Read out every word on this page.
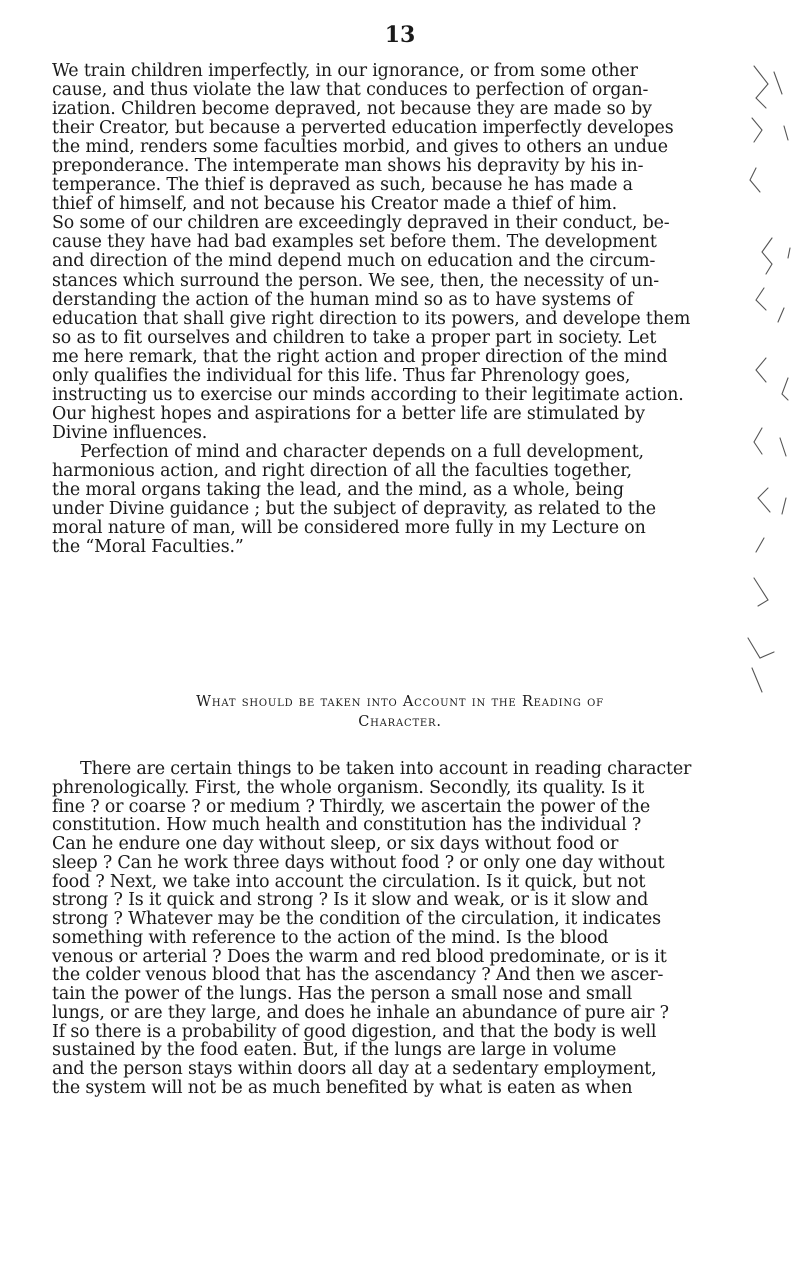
13
We train children imperfectly, in our ignorance, or from some other
cause, and thus violate the law that conduces to perfection of organ-
ization. Children become depraved, not because they are made so by
their Creator, but because a perverted education imperfectly developes
the mind, renders some faculties morbid, and gives to others an undue
preponderance. The intemperate man shows his depravity by his in-
temperance. The thief is depraved as such, because he has made a
thief of himself, and not because his Creator made a thief of him.
So some of our children are exceedingly depraved in their conduct, be-
cause they have had bad examples set before them. The development
and direction of the mind depend much on education and the circum-
stances which surround the person. We see, then, the necessity of un-
derstanding the action of the human mind so as to have systems of
education that shall give right direction to its powers, and develope them
so as to fit ourselves and children to take a proper part in society. Let
me here remark, that the right action and proper direction of the mind
only qualifies the individual for this life. Thus far Phrenology goes,
instructing us to exercise our minds according to their legitimate action.
Our highest hopes and aspirations for a better life are stimulated by
Divine influences.
Perfection of mind and character depends on a full development,
harmonious action, and right direction of all the faculties together,
the moral organs taking the lead, and the mind, as a whole, being
under Divine guidance ; but the subject of depravity, as related to the
moral nature of man, will be considered more fully in my Lecture on
the “Moral Faculties.”
What should be taken into Account in the Reading of
Character.
There are certain things to be taken into account in reading character
phrenologically. First, the whole organism. Secondly, its quality. Is it
fine ? or coarse ? or medium ? Thirdly, we ascertain the power of the
constitution. How much health and constitution has the individual ?
Can he endure one day without sleep, or six days without food or
sleep ? Can he work three days without food ? or only one day without
food ? Next, we take into account the circulation. Is it quick, but not
strong ? Is it quick and strong ? Is it slow and weak, or is it slow and
strong ? Whatever may be the condition of the circulation, it indicates
something with reference to the action of the mind. Is the blood
venous or arterial ? Does the warm and red blood predominate, or is it
the colder venous blood that has the ascendancy ? And then we ascer-
tain the power of the lungs. Has the person a small nose and small
lungs, or are they large, and does he inhale an abundance of pure air ?
If so there is a probability of good digestion, and that the body is well
sustained by the food eaten. But, if the lungs are large in volume
and the person stays within doors all day at a sedentary employment,
the system will not be as much benefited by what is eaten as when
